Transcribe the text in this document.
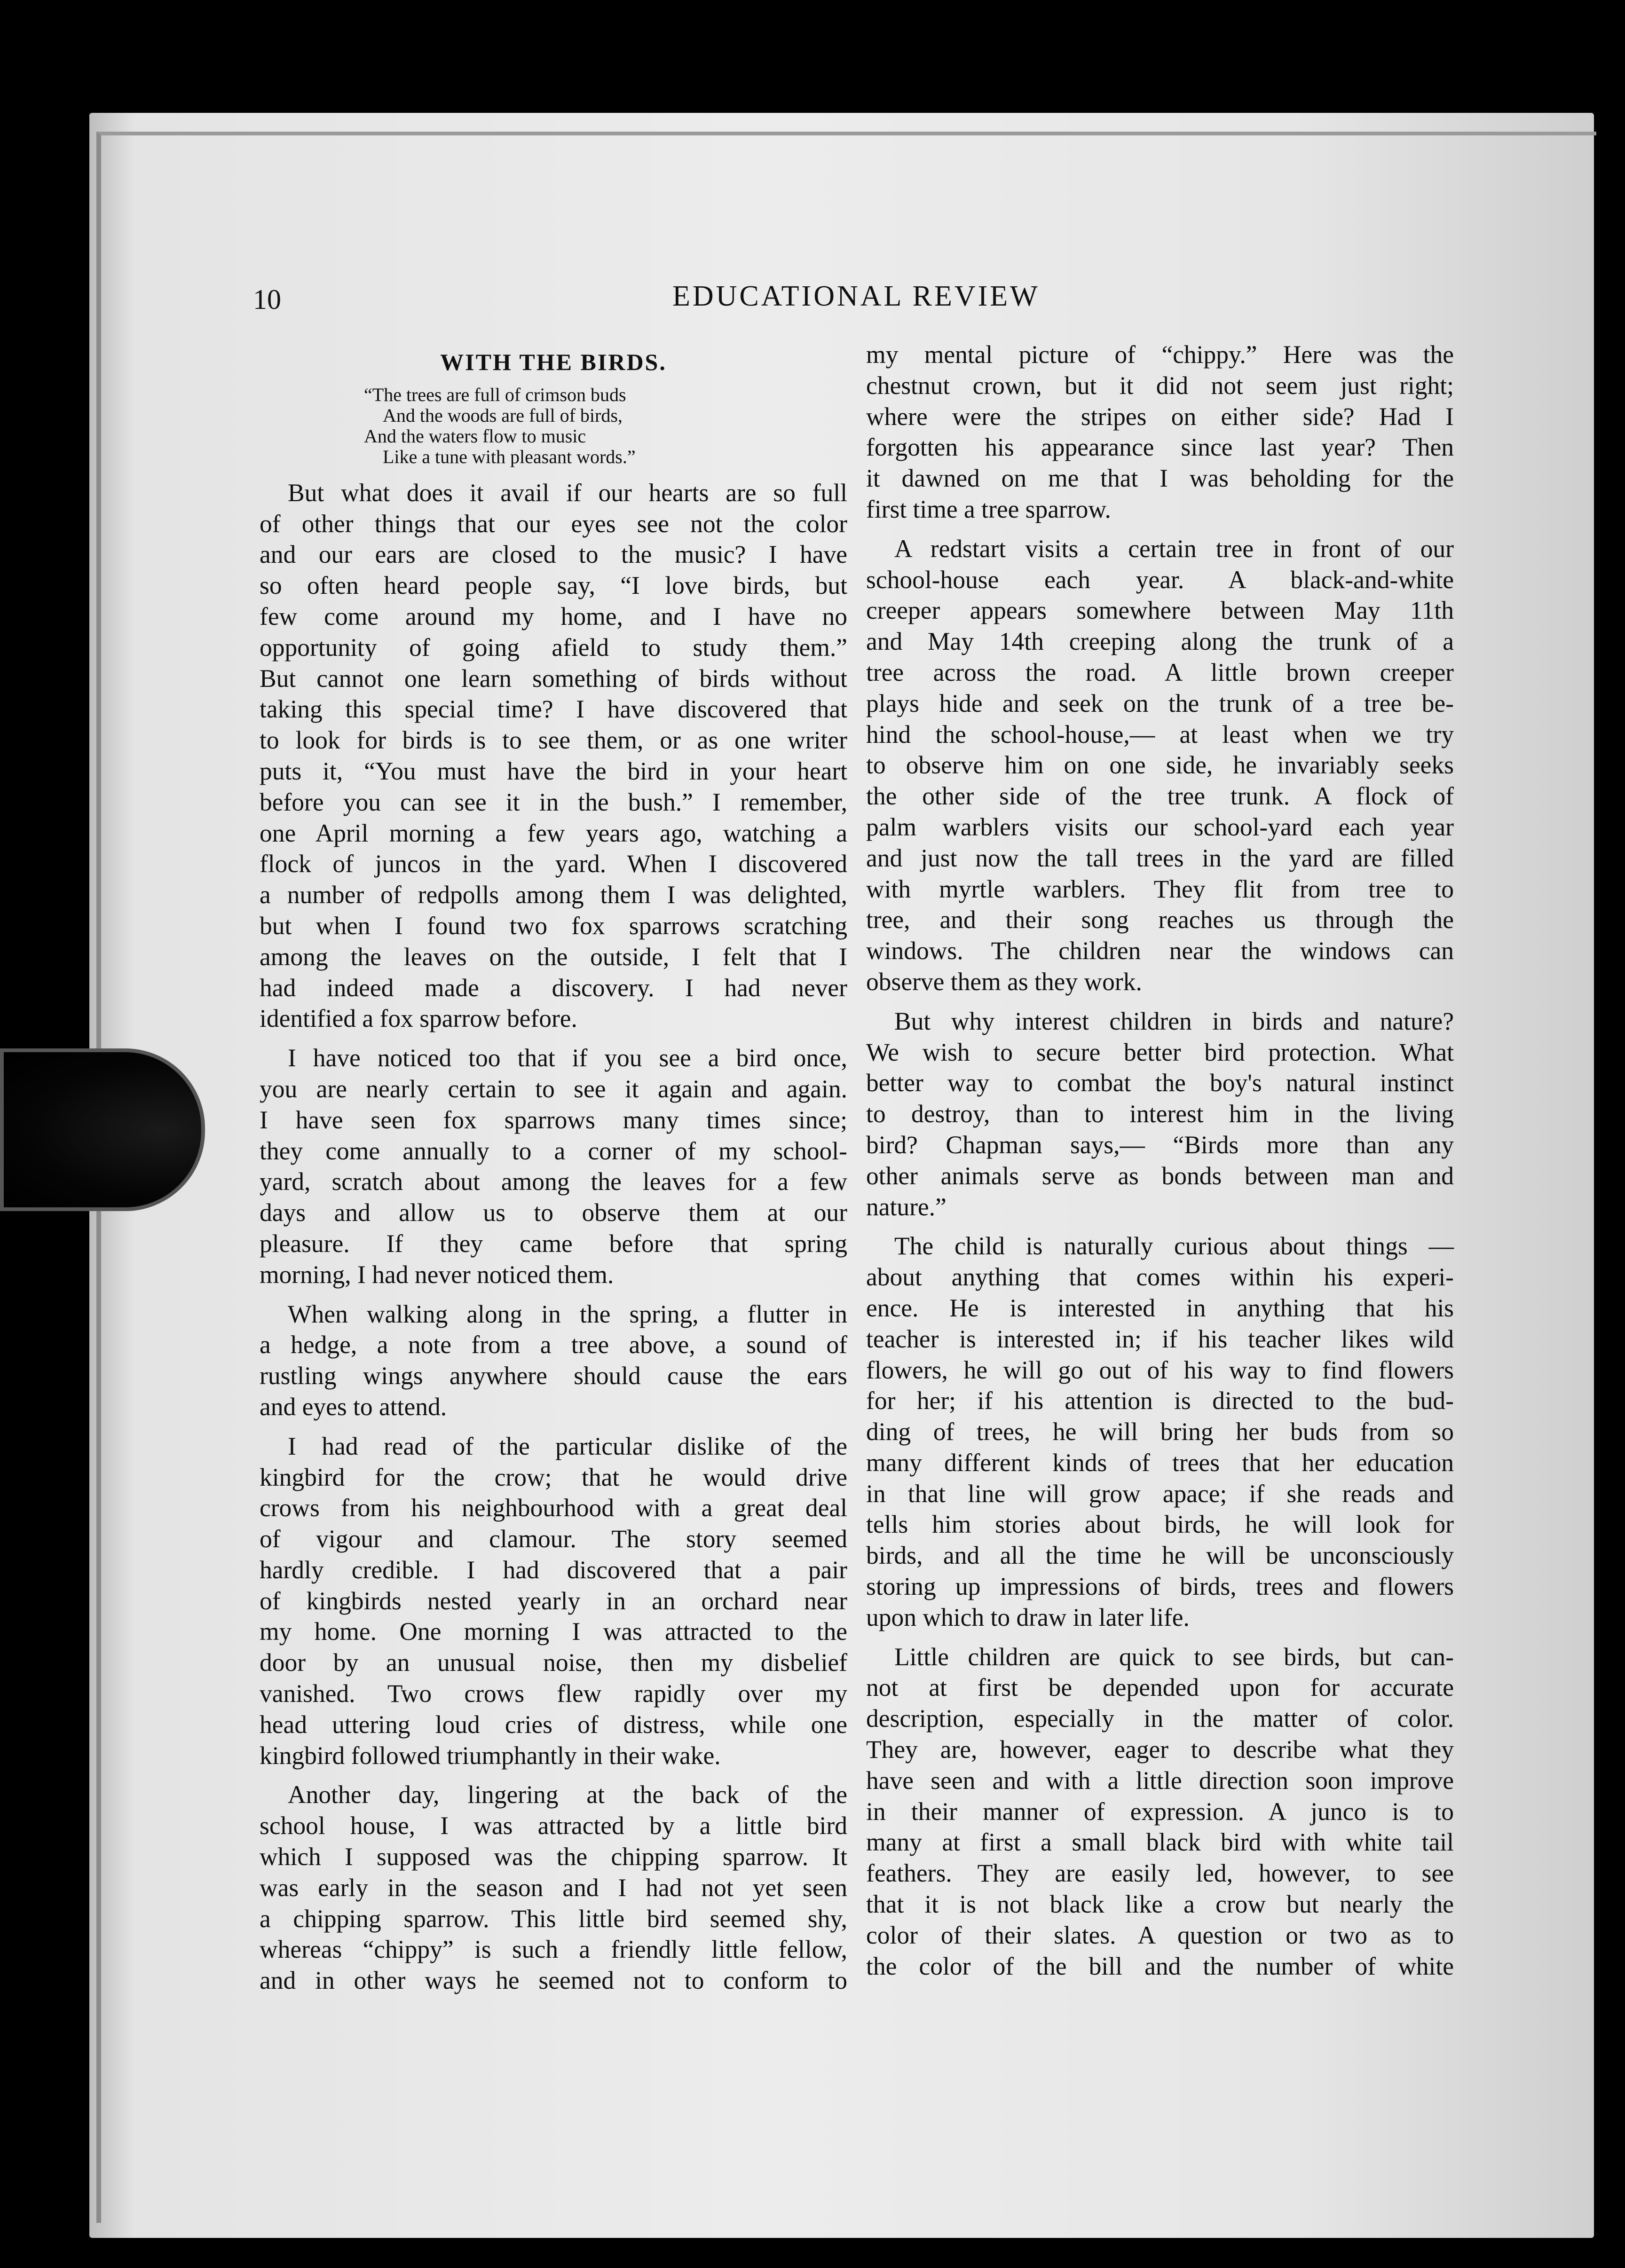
10	EDUCATIONAL REVIEW
WITH THE BIRDS.
“The trees are full of crimson buds
And the woods are full of birds,
And the waters flow to music
Like a tune with pleasant words.”
But what does it avail if our hearts are so full
of other things that our eyes see not the color
and our ears are closed to the music? I have
so often heard people say, “I love birds, but
few come around my home, and I have no
opportunity of going afield to study them.”
But cannot one learn something of birds without
taking this special time? I have discovered that
to look for birds is to see them, or as one writer
puts it, “You must have the bird in your heart
before you can see it in the bush.” I remember,
one April morning a few years ago, watching a
flock of juncos in the yard. When I discovered
a number of redpolls among them I was delighted,
but when I found two fox sparrows scratching
among the leaves on the outside, I felt that I
had indeed made a discovery. I had never
identified a fox sparrow before.
I have noticed too that if you see a bird once,
you are nearly certain to see it again and again.
I have seen fox sparrows many times since;
they come annually to a corner of my school-
yard, scratch about among the leaves for a few
days and allow us to observe them at our
pleasure. If they came before that spring
morning, I had never noticed them.
When walking along in the spring, a flutter in
a hedge, a note from a tree above, a sound of
rustling wings anywhere should cause the ears
and eyes to attend.
I had read of the particular dislike of the
kingbird for the crow; that he would drive
crows from his neighbourhood with a great deal
of vigour and clamour. The story seemed
hardly credible. I had discovered that a pair
of kingbirds nested yearly in an orchard near
my home. One morning I was attracted to the
door by an unusual noise, then my disbelief
vanished. Two crows flew rapidly over my
head uttering loud cries of distress, while one
kingbird followed triumphantly in their wake.
Another day, lingering at the back of the
school house, I was attracted by a little bird
which I supposed was the chipping sparrow. It
was early in the season and I had not yet seen
a chipping sparrow. This little bird seemed shy,
whereas “chippy” is such a friendly little fellow,
and in other ways he seemed not to conform to
my mental picture of “chippy.” Here was the
chestnut crown, but it did not seem just right;
where were the stripes on either side? Had I
forgotten his appearance since last year? Then
it dawned on me that I was beholding for the
first time a tree sparrow.
A redstart visits a certain tree in front of our
school-house each year. A black-and-white
creeper appears somewhere between May 11th
and May 14th creeping along the trunk of a
tree across the road. A little brown creeper
plays hide and seek on the trunk of a tree be-
hind the school-house,— at least when we try
to observe him on one side, he invariably seeks
the other side of the tree trunk. A flock of
palm warblers visits our school-yard each year
and just now the tall trees in the yard are filled
with myrtle warblers. They flit from tree to
tree, and their song reaches us through the
windows. The children near the windows can
observe them as they work.
But why interest children in birds and nature?
We wish to secure better bird protection. What
better way to combat the boy's natural instinct
to destroy, than to interest him in the living
bird? Chapman says,— “Birds more than any
other animals serve as bonds between man and
nature.”
The child is naturally curious about things —
about anything that comes within his experi-
ence. He is interested in anything that his
teacher is interested in; if his teacher likes wild
flowers, he will go out of his way to find flowers
for her; if his attention is directed to the bud-
ding of trees, he will bring her buds from so
many different kinds of trees that her education
in that line will grow apace; if she reads and
tells him stories about birds, he will look for
birds, and all the time he will be unconsciously
storing up impressions of birds, trees and flowers
upon which to draw in later life.
Little children are quick to see birds, but can-
not at first be depended upon for accurate
description, especially in the matter of color.
They are, however, eager to describe what they
have seen and with a little direction soon improve
in their manner of expression. A junco is to
many at first a small black bird with white tail
feathers. They are easily led, however, to see
that it is not black like a crow but nearly the
color of their slates. A question or two as to
the color of the bill and the number of white
